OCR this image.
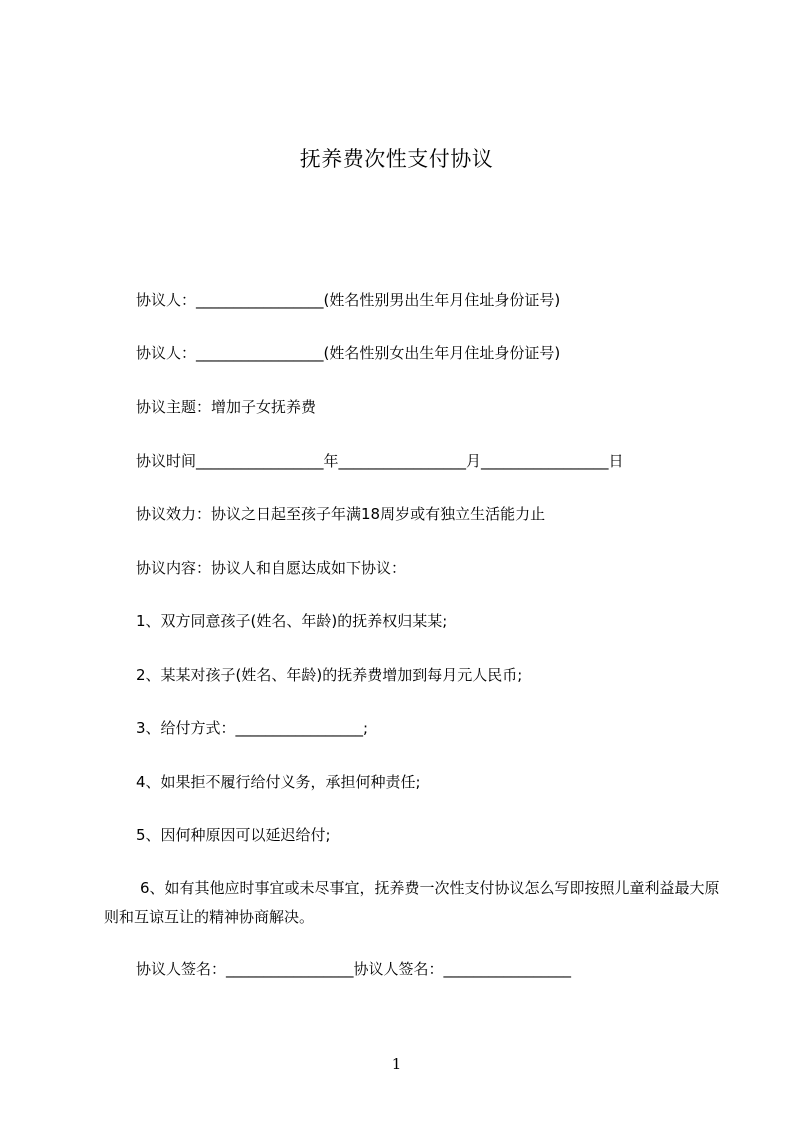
抚养费次性支付协议
协议人：_________________(姓名性别男出生年月住址身份证号)
协议人：_________________(姓名性别女出生年月住址身份证号)
协议主题：增加子女抚养费
协议时间_________________年_________________月_________________日
协议效力：协议之日起至孩子年满18周岁或有独立生活能力止
协议内容：协议人和自愿达成如下协议：
1、双方同意孩子(姓名、年龄)的抚养权归某某;
2、某某对孩子(姓名、年龄)的抚养费增加到每月元人民币;
3、给付方式：_________________;
4、如果拒不履行给付义务，承担何种责任;
5、因何种原因可以延迟给付;
6、如有其他应时事宜或未尽事宜，抚养费一次性支付协议怎么写即按照儿童利益最大原则和互谅互让的精神协商解决。
协议人签名：_________________协议人签名：_________________
1
